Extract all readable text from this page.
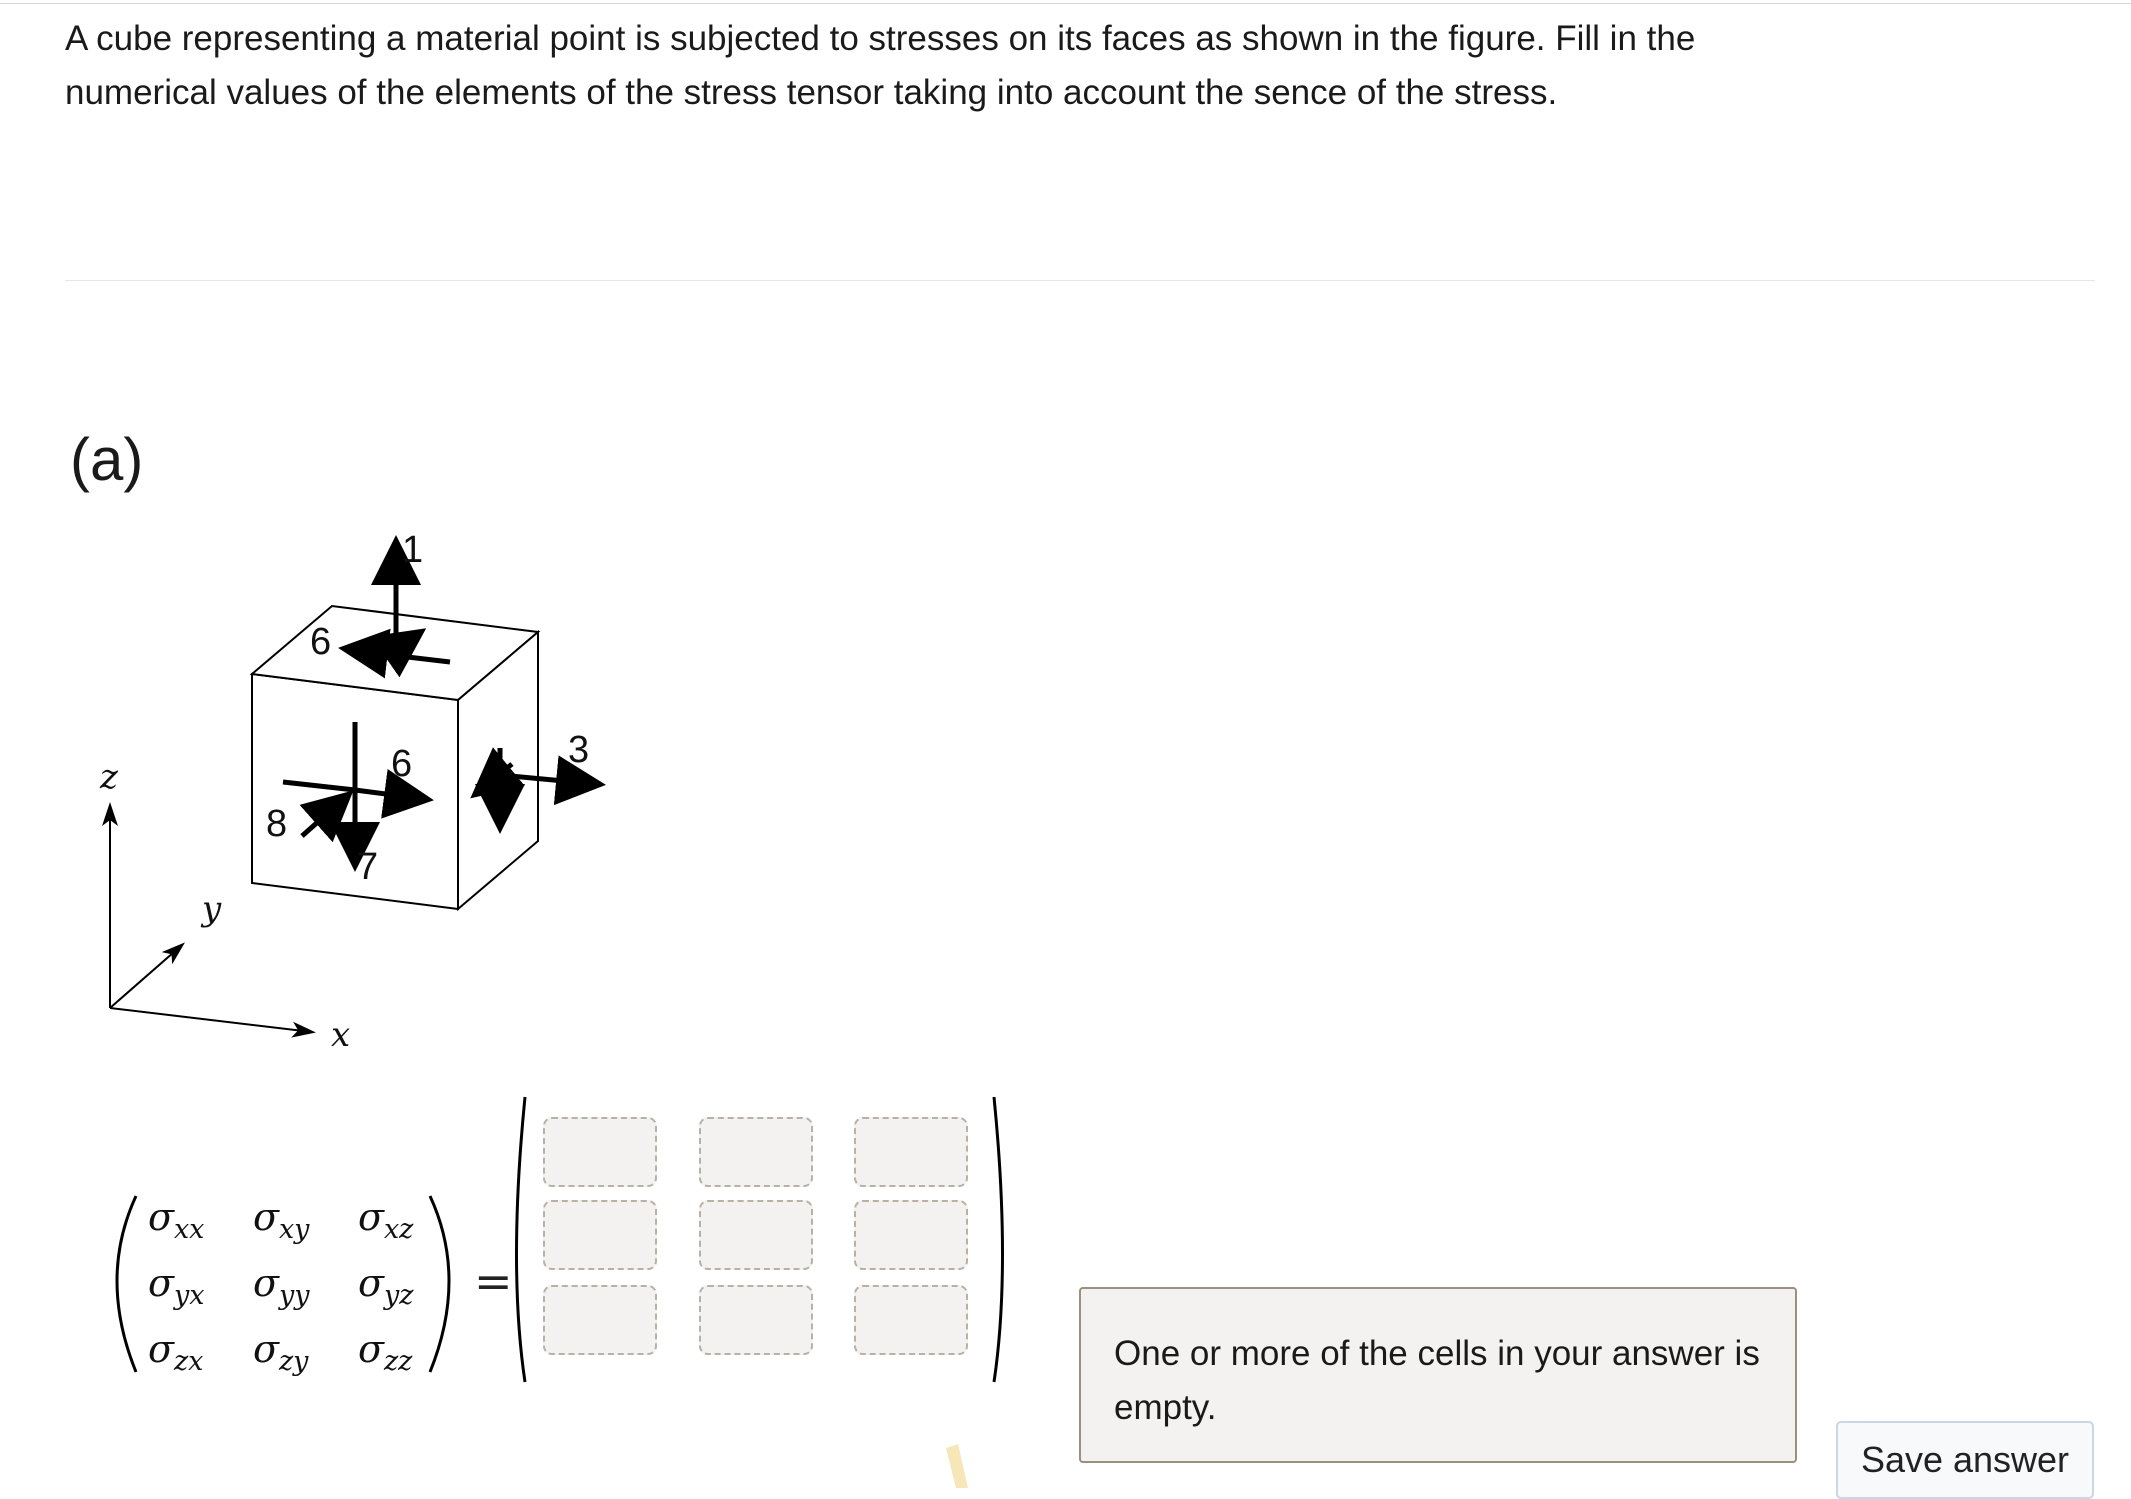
A cube representing a material point is subjected to stresses on its faces as shown in the figure. Fill in the numerical values of the elements of the stress tensor taking into account the sence of the stress.

(a)
z
x
y
1
6
6
8
7
3
σxx σxy σxz
σyx σyy σyz
σzx σzy σzz
=
One or more of the cells in your answer is empty.
Save answer
